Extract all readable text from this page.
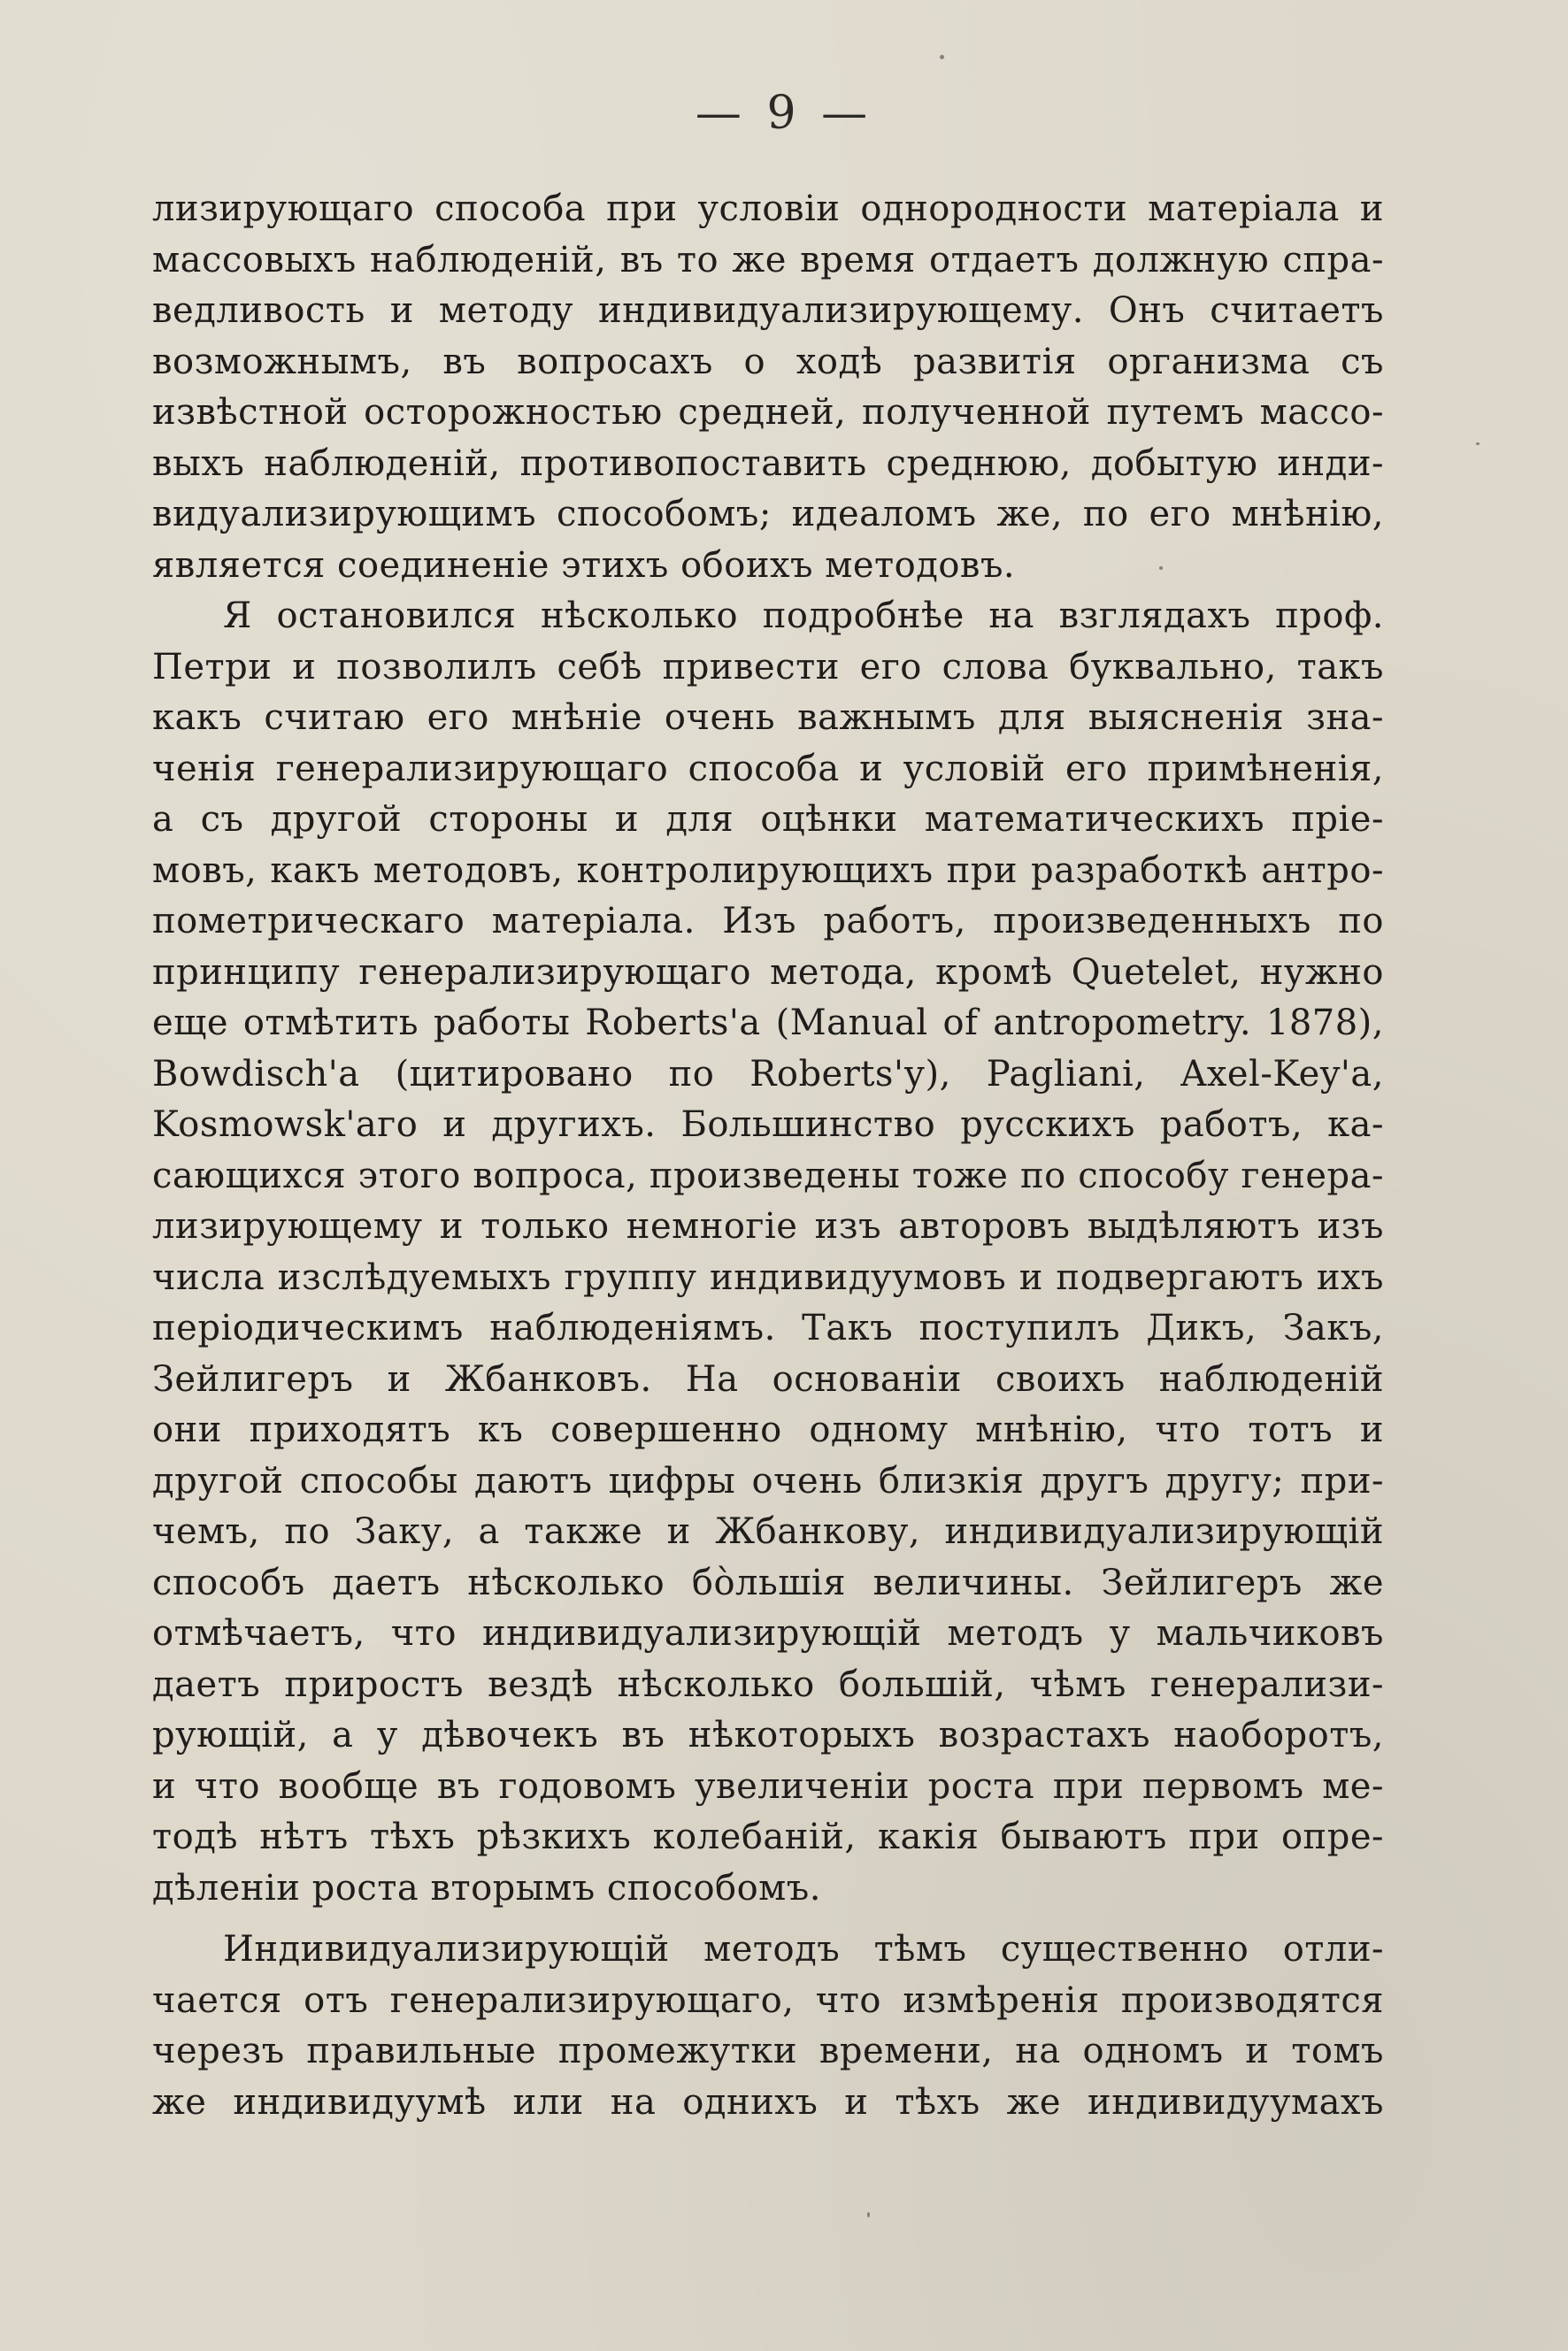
— 9 —
лизирующаго способа при условіи однородности матеріала и
массовыхъ наблюденій, въ то же время отдаетъ должную спра-
ведливость и методу индивидуализирующему. Онъ считаетъ
возможнымъ, въ вопросахъ о ходѣ развитія организма съ
извѣстной осторожностью средней, полученной путемъ массо-
выхъ наблюденій, противопоставить среднюю, добытую инди-
видуализирующимъ способомъ; идеаломъ же, по его мнѣнію,
является соединеніе этихъ обоихъ методовъ.
Я остановился нѣсколько подробнѣе на взглядахъ проф.
Петри и позволилъ себѣ привести его слова буквально, такъ
какъ считаю его мнѣніе очень важнымъ для выясненія зна-
ченія генерализирующаго способа и условій его примѣненія,
а съ другой стороны и для оцѣнки математическихъ пріе-
мовъ, какъ методовъ, контролирующихъ при разработкѣ антро-
пометрическаго матеріала. Изъ работъ, произведенныхъ по
принципу генерализирующаго метода, кромѣ Quetelet, нужно
еще отмѣтить работы Roberts'a (Manual of antropometry. 1878),
Bowdisch'a (цитировано по Roberts'у), Pagliani, Axel-Key'a,
Kosmowsk'аго и другихъ. Большинство русскихъ работъ, ка-
сающихся этого вопроса, произведены тоже по способу генера-
лизирующему и только немногіе изъ авторовъ выдѣляютъ изъ
числа изслѣдуемыхъ группу индивидуумовъ и подвергаютъ ихъ
періодическимъ наблюденіямъ. Такъ поступилъ Дикъ, Закъ,
Зейлигеръ и Жбанковъ. На основаніи своихъ наблюденій
они приходятъ къ совершенно одному мнѣнію, что тотъ и
другой способы даютъ цифры очень близкія другъ другу; при-
чемъ, по Заку, а также и Жбанкову, индивидуализирующій
способъ даетъ нѣсколько бо̀льшія величины. Зейлигеръ же
отмѣчаетъ, что индивидуализирующій методъ у мальчиковъ
даетъ приростъ вездѣ нѣсколько большій, чѣмъ генерализи-
рующій, а у дѣвочекъ въ нѣкоторыхъ возрастахъ наоборотъ,
и что вообще въ годовомъ увеличеніи роста при первомъ ме-
тодѣ нѣтъ тѣхъ рѣзкихъ колебаній, какія бываютъ при опре-
дѣленіи роста вторымъ способомъ.
Индивидуализирующій методъ тѣмъ существенно отли-
чается отъ генерализирующаго, что измѣренія производятся
черезъ правильные промежутки времени, на одномъ и томъ
же индивидуумѣ или на однихъ и тѣхъ же индивидуумахъ
